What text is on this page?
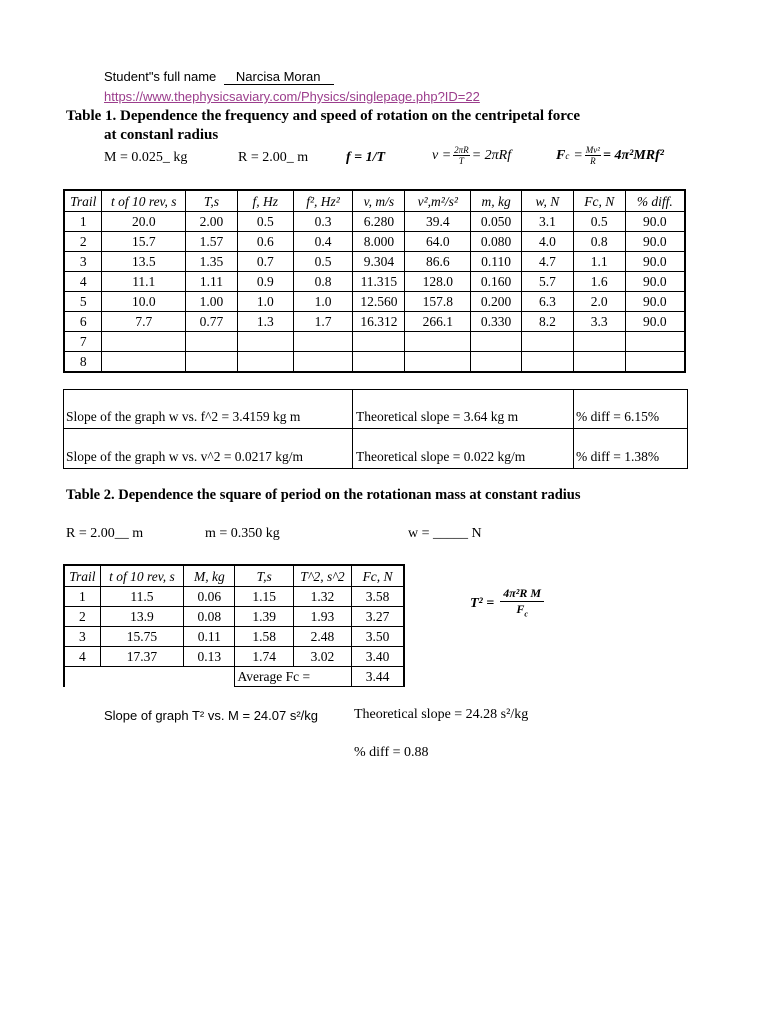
Student"s full name Narcisa Moran
https://www.thephysicsaviary.com/Physics/singlepage.php?ID=22
Table 1. Dependence the frequency and speed of rotation on the centripetal force
at constanl radius
M = 0.025_ kg	R = 2.00_ m	f = 1/T	$v = \frac{2\pi R}{T} = 2\pi Rf$	F $c = \frac{\text{Mv²}}{R} = 4\pi^2MRf^2$
Trail	t of 10 rev, s	T,s	f, Hz	f², Hz²	v, m/s	v²,m²/s²	m, kg	w, N	Fc, N	% diff.
1	20.0	2.00	0.5	0.3	6.280	39.4	0.050	3.1	0.5	90.0
2	15.7	1.57	0.6	0.4	8.000	64.0	0.080	4.0	0.8	90.0
3	13.5	1.35	0.7	0.5	9.304	86.6	0.110	4.7	1.1	90.0
4	11.1	1.11	0.9	0.8	11.315	128.0	0.160	5.7	1.6	90.0
5	10.0	1.00	1.0	1.0	12.560	157.8	0.200	6.3	2.0	90.0
6	7.7	0.77	1.3	1.7	16.312	266.1	0.330	8.2	3.3	90.0
7										
8										
Slope of the graph w vs. f^2 = 3.4159 kg m	Theoretical slope = 3.64 kg m	% diff = 6.15%
Slope of the graph w vs. v^2 = 0.0217 kg/m	Theoretical slope = 0.022 kg/m	% diff = 1.38%
Table 2. Dependence the square of period on the rotationan mass at constant radius
R = 2.00__ m	m = 0.350 kg	w = _____ N
Trail	t of 10 rev, s	M, kg	T,s	T^2, s^2	Fc, N
1	11.5	0.06	1.15	1.32	3.58
2	13.9	0.08	1.39	1.93	3.27
3	15.75	0.11	1.58	2.48	3.50
4	17.37	0.13	1.74	3.02	3.40
			Average Fc =		3.44
$T^2 = \frac{\text{4π²R M}}{F_c}$
Slope of graph T² vs. M = 24.07 s²/kg	Theoretical slope = 24.28 s²/kg
% diff = 0.88
